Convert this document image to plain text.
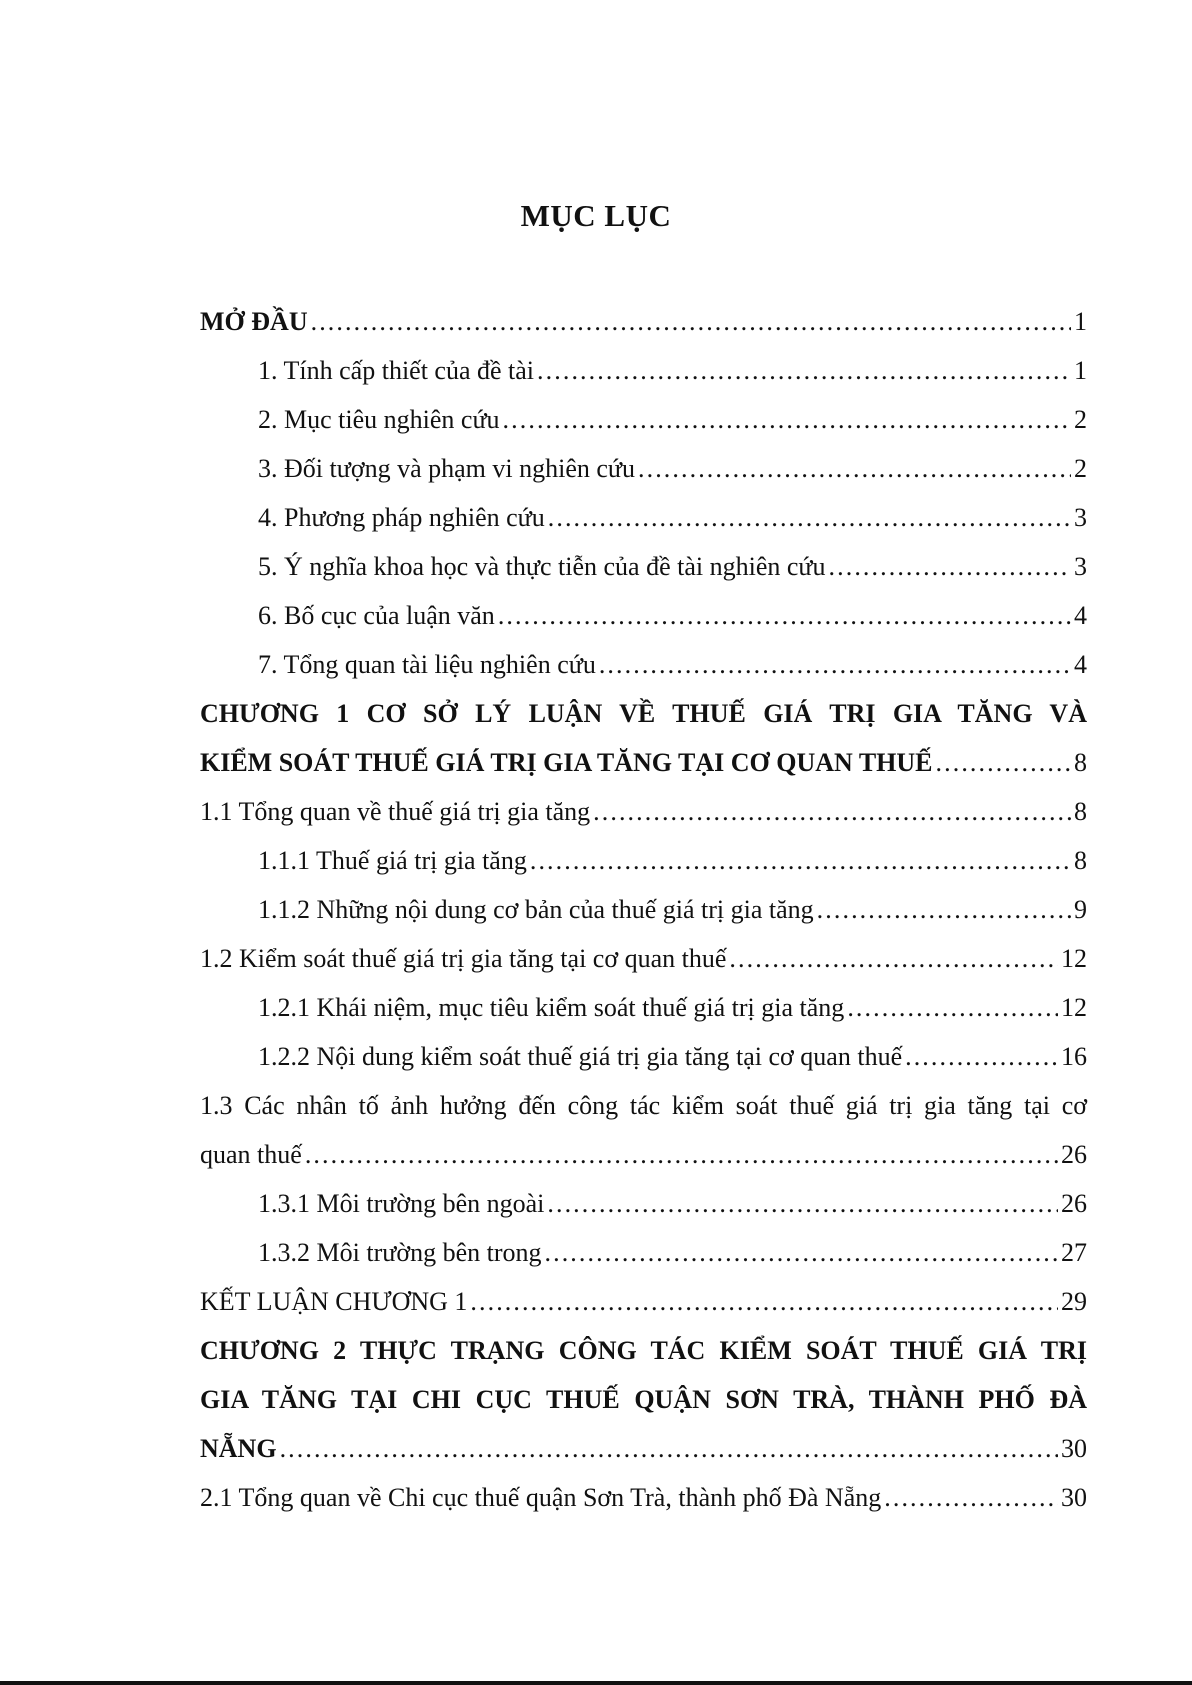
MỤC LỤC
MỞ ĐẦU . . .	1
1. Tính cấp thiết của đề tài . . .	1
2. Mục tiêu nghiên cứu . . .	2
3. Đối tượng và phạm vi nghiên cứu . . .	2
4. Phương pháp nghiên cứu . . .	3
5. Ý nghĩa khoa học và thực tiễn của đề tài nghiên cứu . . .	3
6. Bố cục của luận văn . . .	4
7. Tổng quan tài liệu nghiên cứu . . .	4
CHƯƠNG 1 CƠ SỞ LÝ LUẬN VỀ THUẾ GIÁ TRỊ GIA TĂNG VÀ
KIỂM SOÁT THUẾ GIÁ TRỊ GIA TĂNG TẠI CƠ QUAN THUẾ . . .	8
1.1 Tổng quan về thuế giá trị gia tăng . . .	8
1.1.1 Thuế giá trị gia tăng . . .	8
1.1.2 Những nội dung cơ bản của thuế giá trị gia tăng . . .	9
1.2 Kiểm soát thuế giá trị gia tăng tại cơ quan thuế . . .	12
1.2.1 Khái niệm, mục tiêu kiểm soát thuế giá trị gia tăng . . .	12
1.2.2 Nội dung kiểm soát thuế giá trị gia tăng tại cơ quan thuế . . .	16
1.3 Các nhân tố ảnh hưởng đến công tác kiểm soát thuế giá trị gia tăng tại cơ
quan thuế . . .	26
1.3.1 Môi trường bên ngoài . . .	26
1.3.2 Môi trường bên trong . . .	27
KẾT LUẬN CHƯƠNG 1 . . .	29
CHƯƠNG 2 THỰC TRẠNG CÔNG TÁC KIỂM SOÁT THUẾ GIÁ TRỊ
GIA TĂNG TẠI CHI CỤC THUẾ QUẬN SƠN TRÀ, THÀNH PHỐ ĐÀ
NẴNG . . .	30
2.1 Tổng quan về Chi cục thuế quận Sơn Trà, thành phố Đà Nẵng . . .	30
